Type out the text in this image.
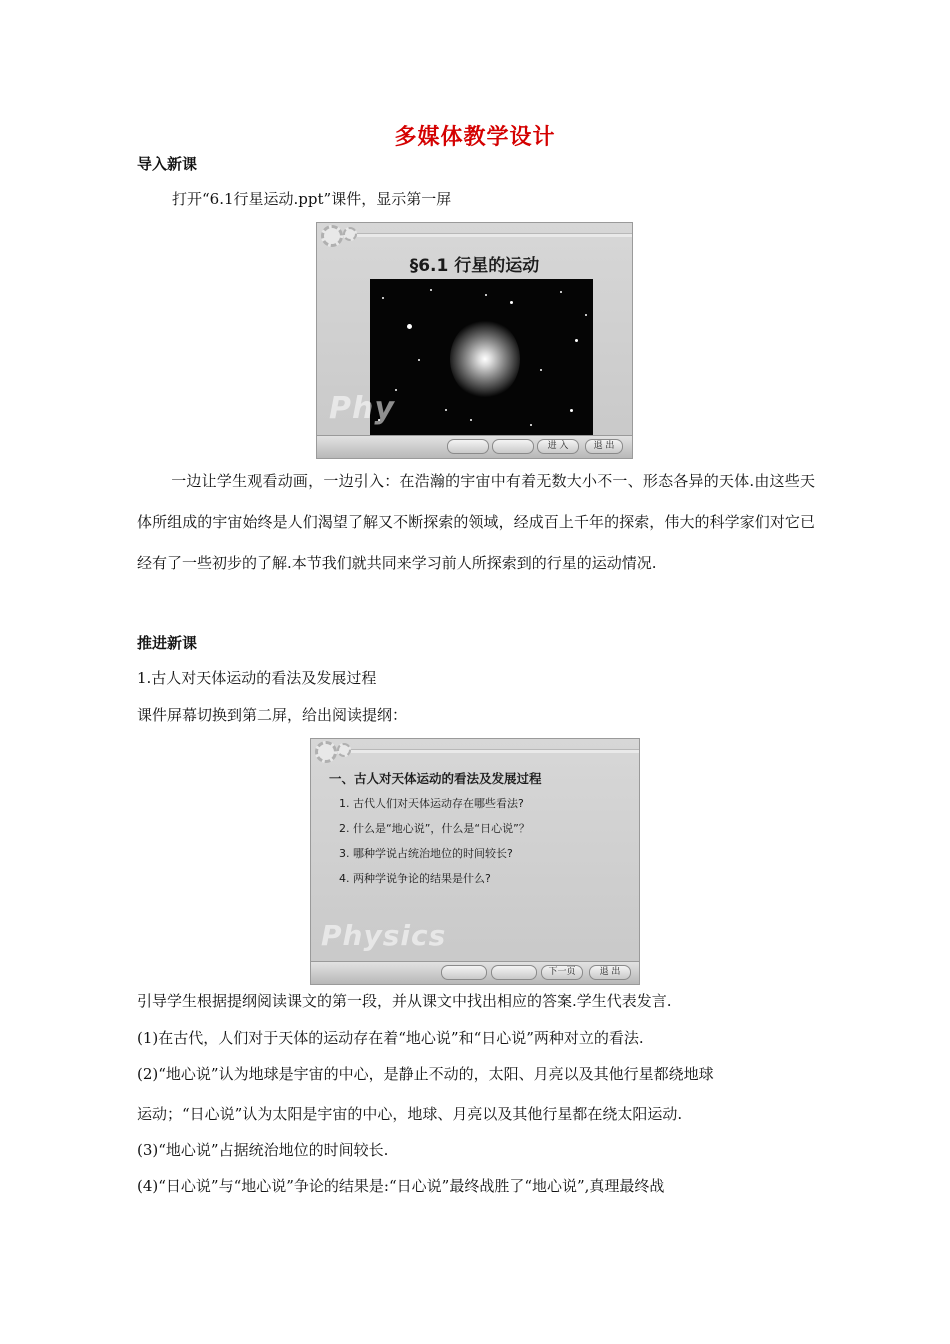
多媒体教学设计
导入新课
打开“6.1行星运动.ppt”课件，显示第一屏
§6.1 行星的运动
Phy
进 入	退 出
一边让学生观看动画，一边引入：在浩瀚的宇宙中有着无数大小不一、形态各异的天体.由这些天体所组成的宇宙始终是人们渴望了解又不断探索的领域，经成百上千年的探索，伟大的科学家们对它已经有了一些初步的了解.本节我们就共同来学习前人所探索到的行星的运动情况.
推进新课
1.古人对天体运动的看法及发展过程
课件屏幕切换到第二屏，给出阅读提纲：
一、古人对天体运动的看法及发展过程
1. 古代人们对天体运动存在哪些看法?
2. 什么是“地心说”，什么是“日心说”？
3. 哪种学说占统治地位的时间较长?
4. 两种学说争论的结果是什么?
Physics
下一页	退 出
引导学生根据提纲阅读课文的第一段，并从课文中找出相应的答案.学生代表发言.
(1)在古代，人们对于天体的运动存在着“地心说”和“日心说”两种对立的看法.
(2)“地心说”认为地球是宇宙的中心，是静止不动的，太阳、月亮以及其他行星都绕地球
运动；“日心说”认为太阳是宇宙的中心，地球、月亮以及其他行星都在绕太阳运动.
(3)“地心说”占据统治地位的时间较长.
(4)“日心说”与“地心说”争论的结果是:“日心说”最终战胜了“地心说”,真理最终战
